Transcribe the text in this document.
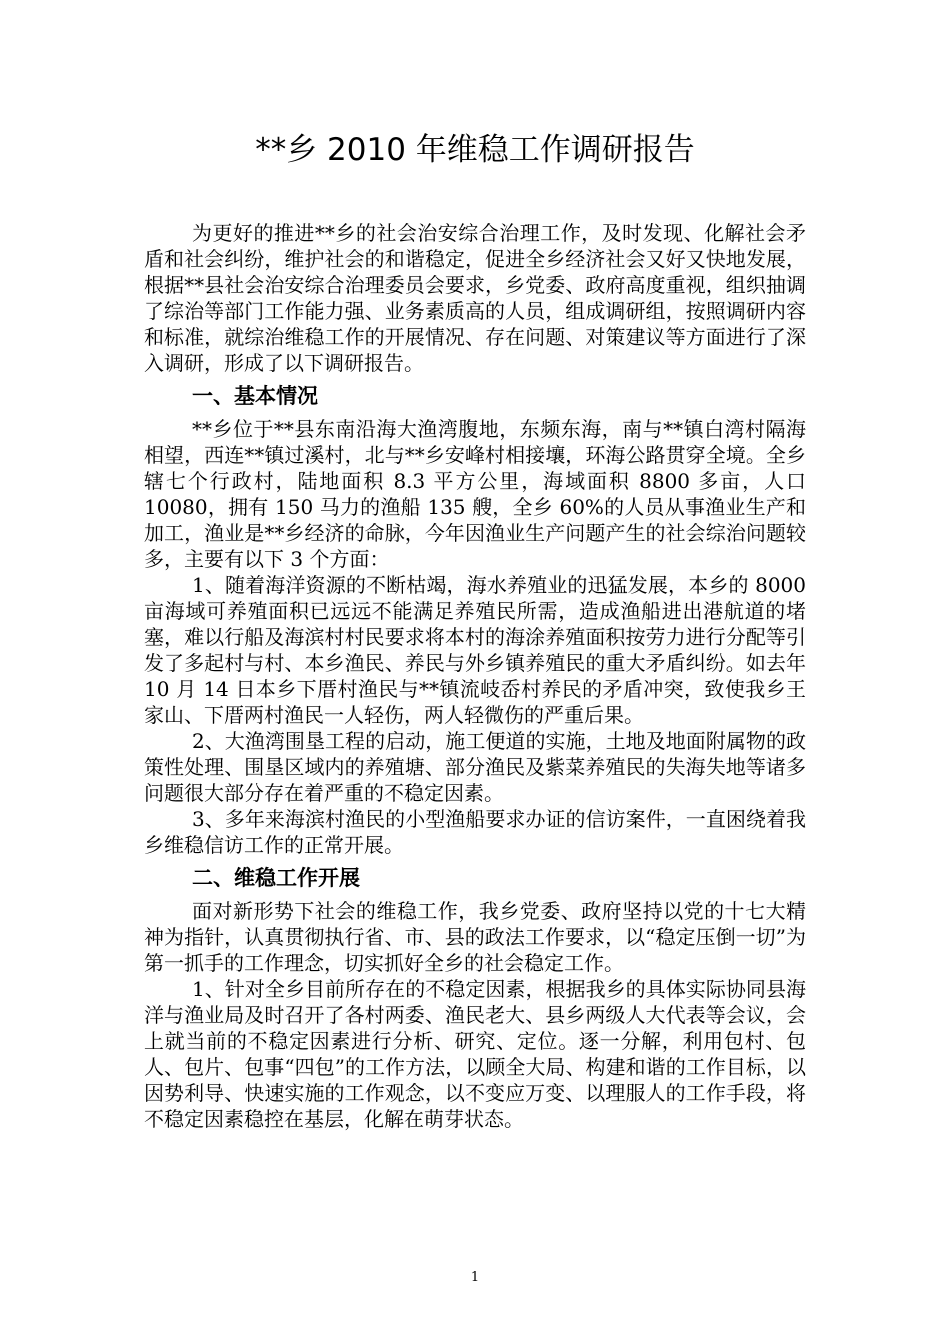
**乡 2010 年维稳工作调研报告

为更好的推进**乡的社会治安综合治理工作，及时发现、化解社会矛盾和社会纠纷，维护社会的和谐稳定，促进全乡经济社会又好又快地发展，根据**县社会治安综合治理委员会要求，乡党委、政府高度重视，组织抽调了综治等部门工作能力强、业务素质高的人员，组成调研组，按照调研内容和标准，就综治维稳工作的开展情况、存在问题、对策建议等方面进行了深入调研，形成了以下调研报告。

一、基本情况

**乡位于**县东南沿海大渔湾腹地，东频东海，南与**镇白湾村隔海相望，西连**镇过溪村，北与**乡安峰村相接壤，环海公路贯穿全境。全乡辖七个行政村，陆地面积 8.3 平方公里，海域面积 8800 多亩，人口 10080，拥有 150 马力的渔船 135 艘，全乡 60%的人员从事渔业生产和加工，渔业是**乡经济的命脉，今年因渔业生产问题产生的社会综治问题较多，主要有以下 3 个方面：

1、随着海洋资源的不断枯竭，海水养殖业的迅猛发展，本乡的 8000 亩海域可养殖面积已远远不能满足养殖民所需，造成渔船进出港航道的堵塞，难以行船及海滨村村民要求将本村的海涂养殖面积按劳力进行分配等引发了多起村与村、本乡渔民、养民与外乡镇养殖民的重大矛盾纠纷。如去年 10 月 14 日本乡下厝村渔民与**镇流岐岙村养民的矛盾冲突，致使我乡王家山、下厝两村渔民一人轻伤，两人轻微伤的严重后果。

2、大渔湾围垦工程的启动，施工便道的实施，土地及地面附属物的政策性处理、围垦区域内的养殖塘、部分渔民及紫菜养殖民的失海失地等诸多问题很大部分存在着严重的不稳定因素。

3、多年来海滨村渔民的小型渔船要求办证的信访案件，一直困绕着我乡维稳信访工作的正常开展。

二、维稳工作开展

面对新形势下社会的维稳工作，我乡党委、政府坚持以党的十七大精神为指针，认真贯彻执行省、市、县的政法工作要求，以“稳定压倒一切”为第一抓手的工作理念，切实抓好全乡的社会稳定工作。

1、针对全乡目前所存在的不稳定因素，根据我乡的具体实际协同县海洋与渔业局及时召开了各村两委、渔民老大、县乡两级人大代表等会议，会上就当前的不稳定因素进行分析、研究、定位。逐一分解，利用包村、包人、包片、包事“四包”的工作方法，以顾全大局、构建和谐的工作目标，以因势利导、快速实施的工作观念，以不变应万变、以理服人的工作手段，将不稳定因素稳控在基层，化解在萌芽状态。

1
